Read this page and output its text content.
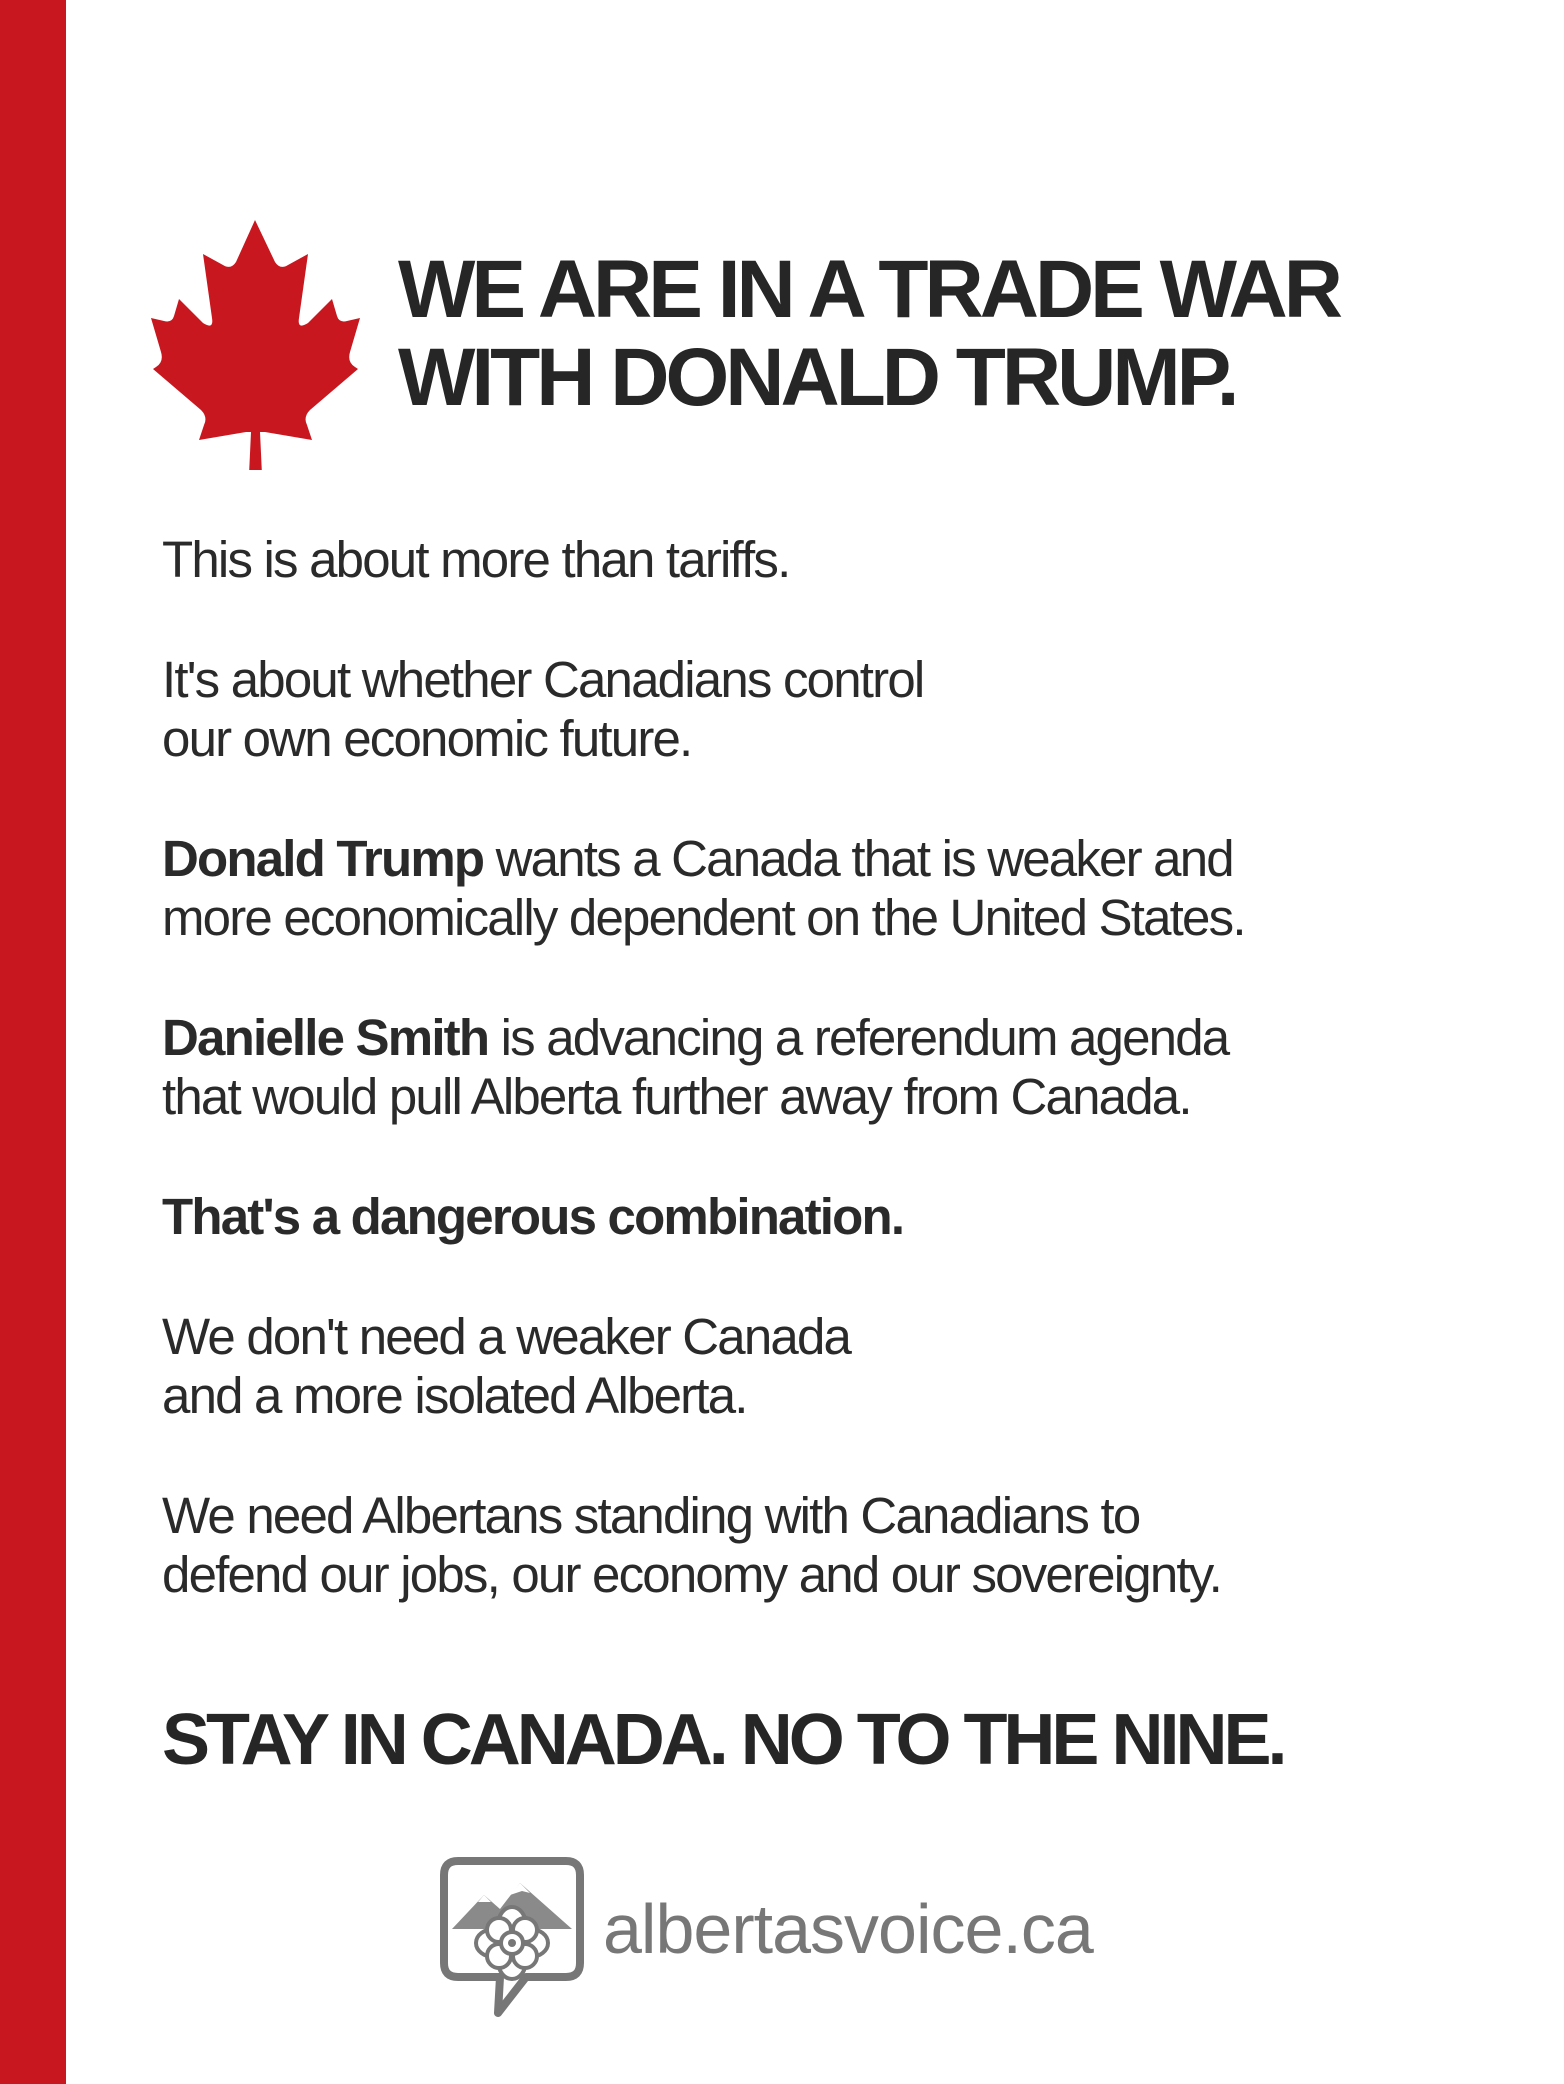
WE ARE IN A TRADE WAR
WITH DONALD TRUMP.

This is about more than tariffs.

It's about whether Canadians control
our own economic future.

Donald Trump wants a Canada that is weaker and
more economically dependent on the United States.

Danielle Smith is advancing a referendum agenda
that would pull Alberta further away from Canada.

That's a dangerous combination.

We don't need a weaker Canada
and a more isolated Alberta.

We need Albertans standing with Canadians to
defend our jobs, our economy and our sovereignty.

STAY IN CANADA. NO TO THE NINE.
albertasvoice.ca
